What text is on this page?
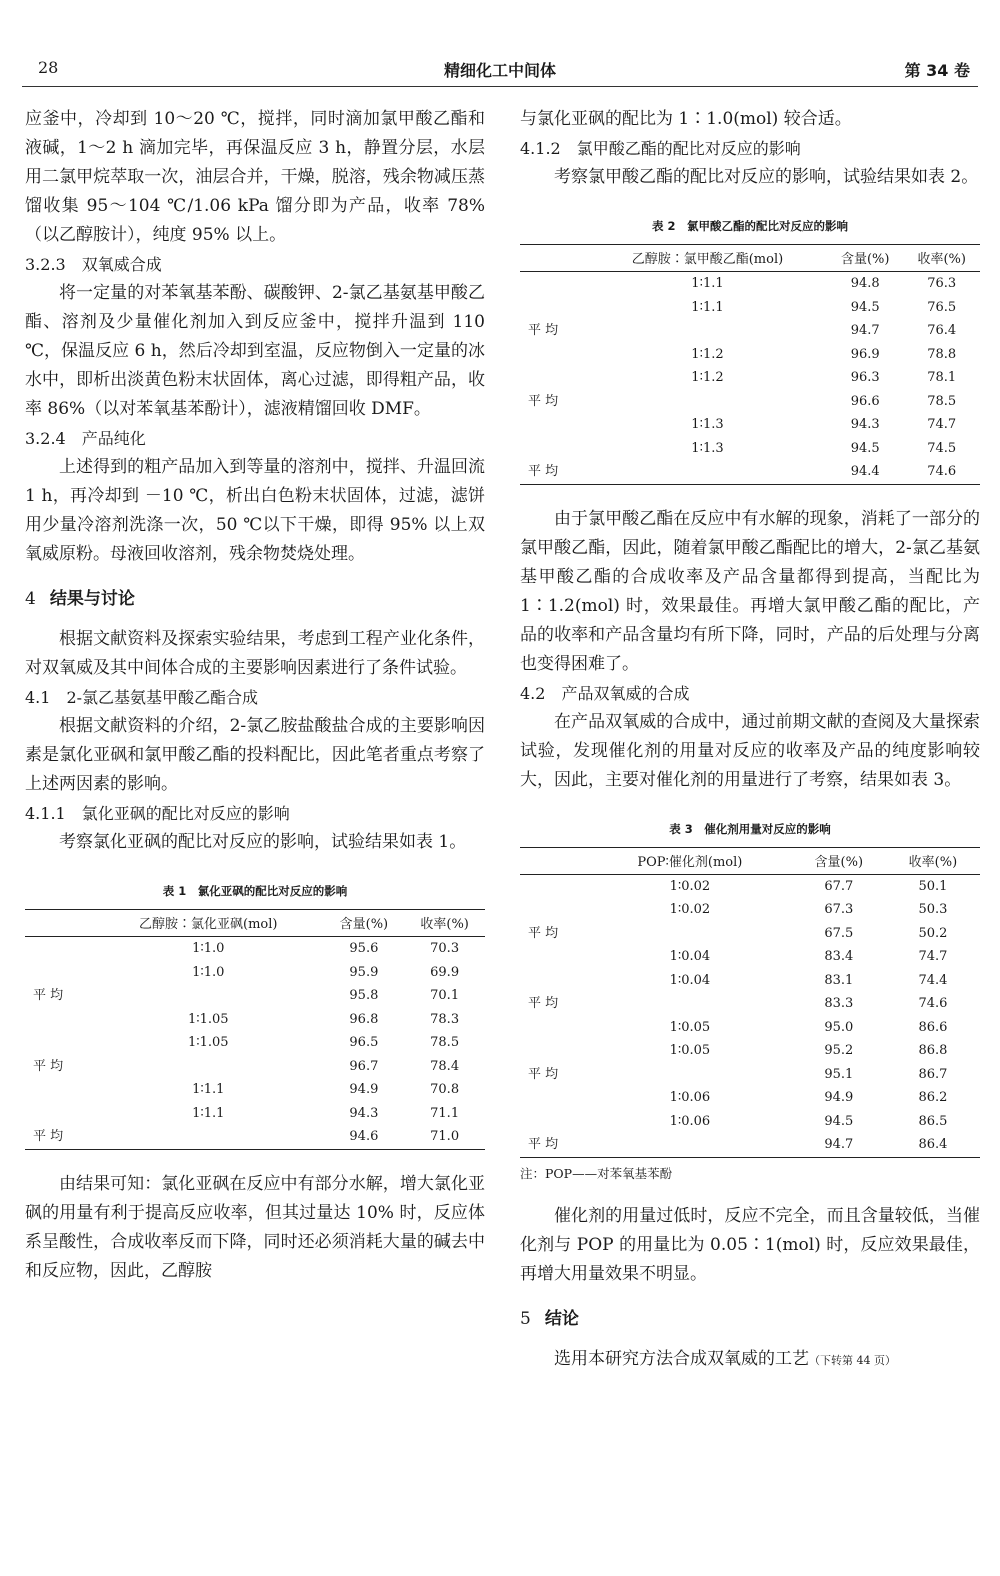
28	精细化工中间体	第 34 卷

应釜中，冷却到 10～20 ℃，搅拌，同时滴加氯甲酸乙酯和液碱，1～2 h 滴加完毕，再保温反应 3 h，静置分层，水层用二氯甲烷萃取一次，油层合并，干燥，脱溶，残余物减压蒸馏收集 95～104 ℃/1.06 kPa 馏分即为产品，收率 78%（以乙醇胺计），纯度 95% 以上。

3.2.3　双氧威合成

将一定量的对苯氧基苯酚、碳酸钾、2-氯乙基氨基甲酸乙酯、溶剂及少量催化剂加入到反应釜中，搅拌升温到 110 ℃，保温反应 6 h，然后冷却到室温，反应物倒入一定量的冰水中，即析出淡黄色粉末状固体，离心过滤，即得粗产品，收率 86%（以对苯氧基苯酚计），滤液精馏回收 DMF。

3.2.4　产品纯化

上述得到的粗产品加入到等量的溶剂中，搅拌、升温回流 1 h，再冷却到 －10 ℃，析出白色粉末状固体，过滤，滤饼用少量冷溶剂洗涤一次，50 ℃以下干燥，即得 95% 以上双氧威原粉。母液回收溶剂，残余物焚烧处理。

4 结果与讨论

根据文献资料及探索实验结果，考虑到工程产业化条件，对双氧威及其中间体合成的主要影响因素进行了条件试验。

4.1　2-氯乙基氨基甲酸乙酯合成

根据文献资料的介绍，2-氯乙胺盐酸盐合成的主要影响因素是氯化亚砜和氯甲酸乙酯的投料配比，因此笔者重点考察了上述两因素的影响。

4.1.1　氯化亚砜的配比对反应的影响

考察氯化亚砜的配比对反应的影响，试验结果如表 1。

表 1　氯化亚砜的配比对反应的影响
	乙醇胺∶氯化亚砜(mol)	含量(%)	收率(%)
	1∶1.0	95.6	70.3
	1∶1.0	95.9	69.9
平 均		95.8	70.1
	1∶1.05	96.8	78.3
	1∶1.05	96.5	78.5
平 均		96.7	78.4
	1∶1.1	94.9	70.8
	1∶1.1	94.3	71.1
平 均		94.6	71.0

由结果可知：氯化亚砜在反应中有部分水解，增大氯化亚砜的用量有利于提高反应收率，但其过量达 10% 时，反应体系呈酸性，合成收率反而下降，同时还必须消耗大量的碱去中和反应物，因此，乙醇胺

与氯化亚砜的配比为 1∶1.0(mol) 较合适。

4.1.2　氯甲酸乙酯的配比对反应的影响

考察氯甲酸乙酯的配比对反应的影响，试验结果如表 2。

表 2　氯甲酸乙酯的配比对反应的影响
	乙醇胺∶氯甲酸乙酯(mol)	含量(%)	收率(%)
	1∶1.1	94.8	76.3
	1∶1.1	94.5	76.5
平 均		94.7	76.4
	1∶1.2	96.9	78.8
	1∶1.2	96.3	78.1
平 均		96.6	78.5
	1∶1.3	94.3	74.7
	1∶1.3	94.5	74.5
平 均		94.4	74.6

由于氯甲酸乙酯在反应中有水解的现象，消耗了一部分的氯甲酸乙酯，因此，随着氯甲酸乙酯配比的增大，2-氯乙基氨基甲酸乙酯的合成收率及产品含量都得到提高，当配比为 1∶1.2(mol) 时，效果最佳。再增大氯甲酸乙酯的配比，产品的收率和产品含量均有所下降，同时，产品的后处理与分离也变得困难了。

4.2　产品双氧威的合成

在产品双氧威的合成中，通过前期文献的查阅及大量探索试验，发现催化剂的用量对反应的收率及产品的纯度影响较大，因此，主要对催化剂的用量进行了考察，结果如表 3。

表 3　催化剂用量对反应的影响
	POP∶催化剂(mol)	含量(%)	收率(%)
	1∶0.02	67.7	50.1
	1∶0.02	67.3	50.3
平 均		67.5	50.2
	1∶0.04	83.4	74.7
	1∶0.04	83.1	74.4
平 均		83.3	74.6
	1∶0.05	95.0	86.6
	1∶0.05	95.2	86.8
平 均		95.1	86.7
	1∶0.06	94.9	86.2
	1∶0.06	94.5	86.5
平 均		94.7	86.4
注：POP——对苯氧基苯酚

催化剂的用量过低时，反应不完全，而且含量较低，当催化剂与 POP 的用量比为 0.05∶1(mol) 时，反应效果最佳，再增大用量效果不明显。

5 结论

选用本研究方法合成双氧威的工艺（下转第 44 页）
